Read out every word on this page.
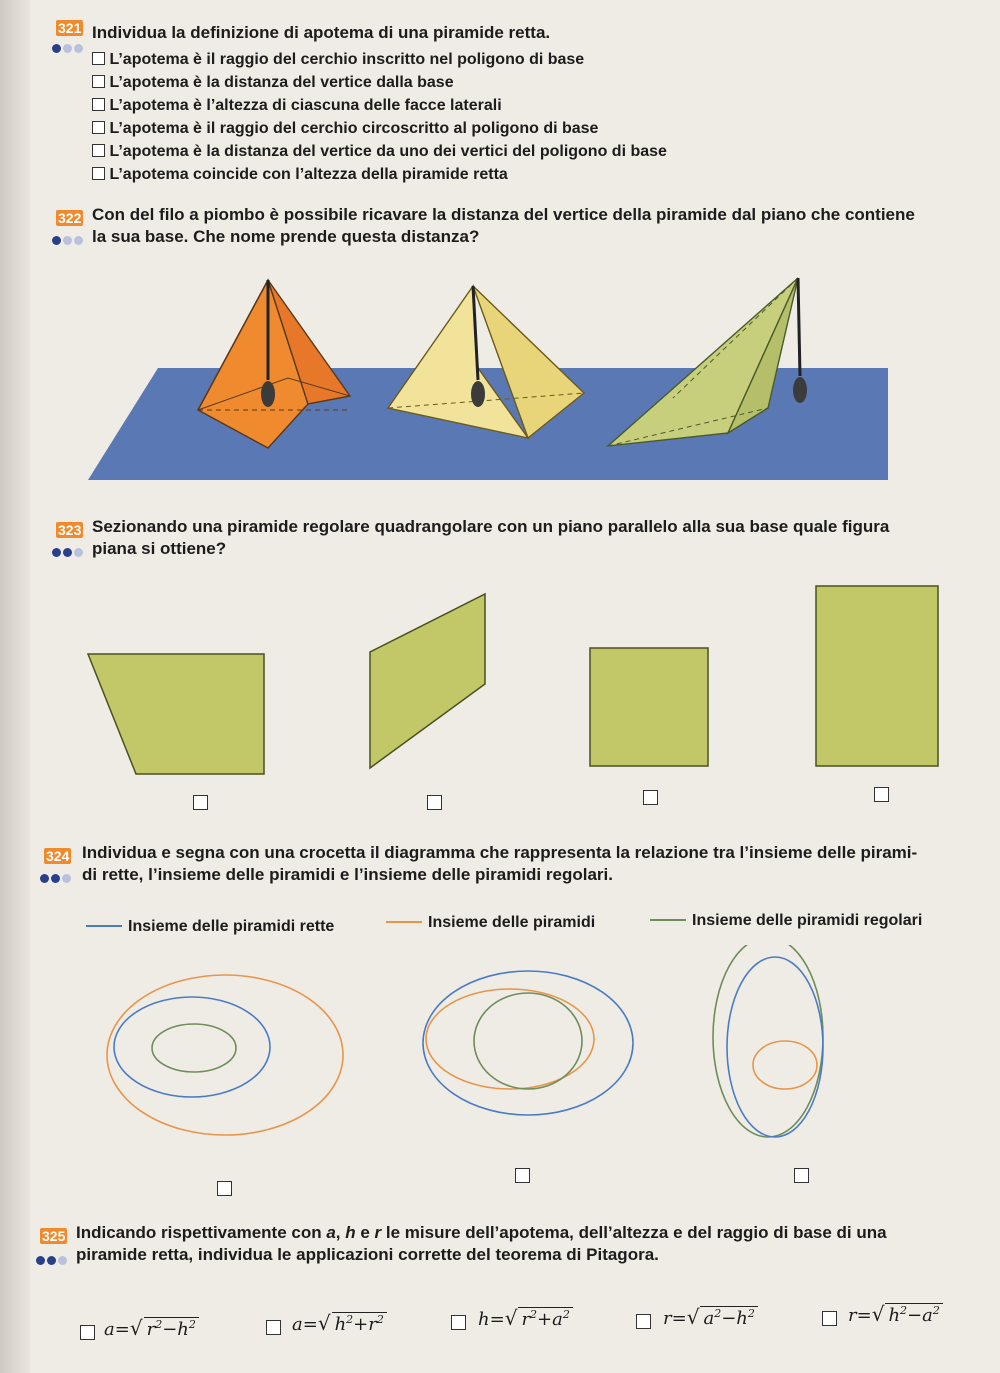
321 Individua la definizione di apotema di una piramide retta.
L’apotema è il raggio del cerchio inscritto nel poligono di base
L’apotema è la distanza del vertice dalla base
L’apotema è l’altezza di ciascuna delle facce laterali
L’apotema è il raggio del cerchio circoscritto al poligono di base
L’apotema è la distanza del vertice da uno dei vertici del poligono di base
L’apotema coincide con l’altezza della piramide retta
322 Con del filo a piombo è possibile ricavare la distanza del vertice della piramide dal piano che contiene
la sua base. Che nome prende questa distanza?
323 Sezionando una piramide regolare quadrangolare con un piano parallelo alla sua base quale figura
piana si ottiene?
324 Individua e segna con una crocetta il diagramma che rappresenta la relazione tra l’insieme delle pirami-
di rette, l’insieme delle piramidi e l’insieme delle piramidi regolari.
Insieme delle piramidi rette	Insieme delle piramidi	Insieme delle piramidi regolari
325 Indicando rispettivamente con a, h e r le misure dell’apotema, dell’altezza e del raggio di base di una
piramide retta, individua le applicazioni corrette del teorema di Pitagora.
a=√ $r^2-h^2$	a=√ $h^2+r^2$	h=√ $r^2+a^2$	r=√ $a^2-h^2$	r=√ $h^2-a^2$
